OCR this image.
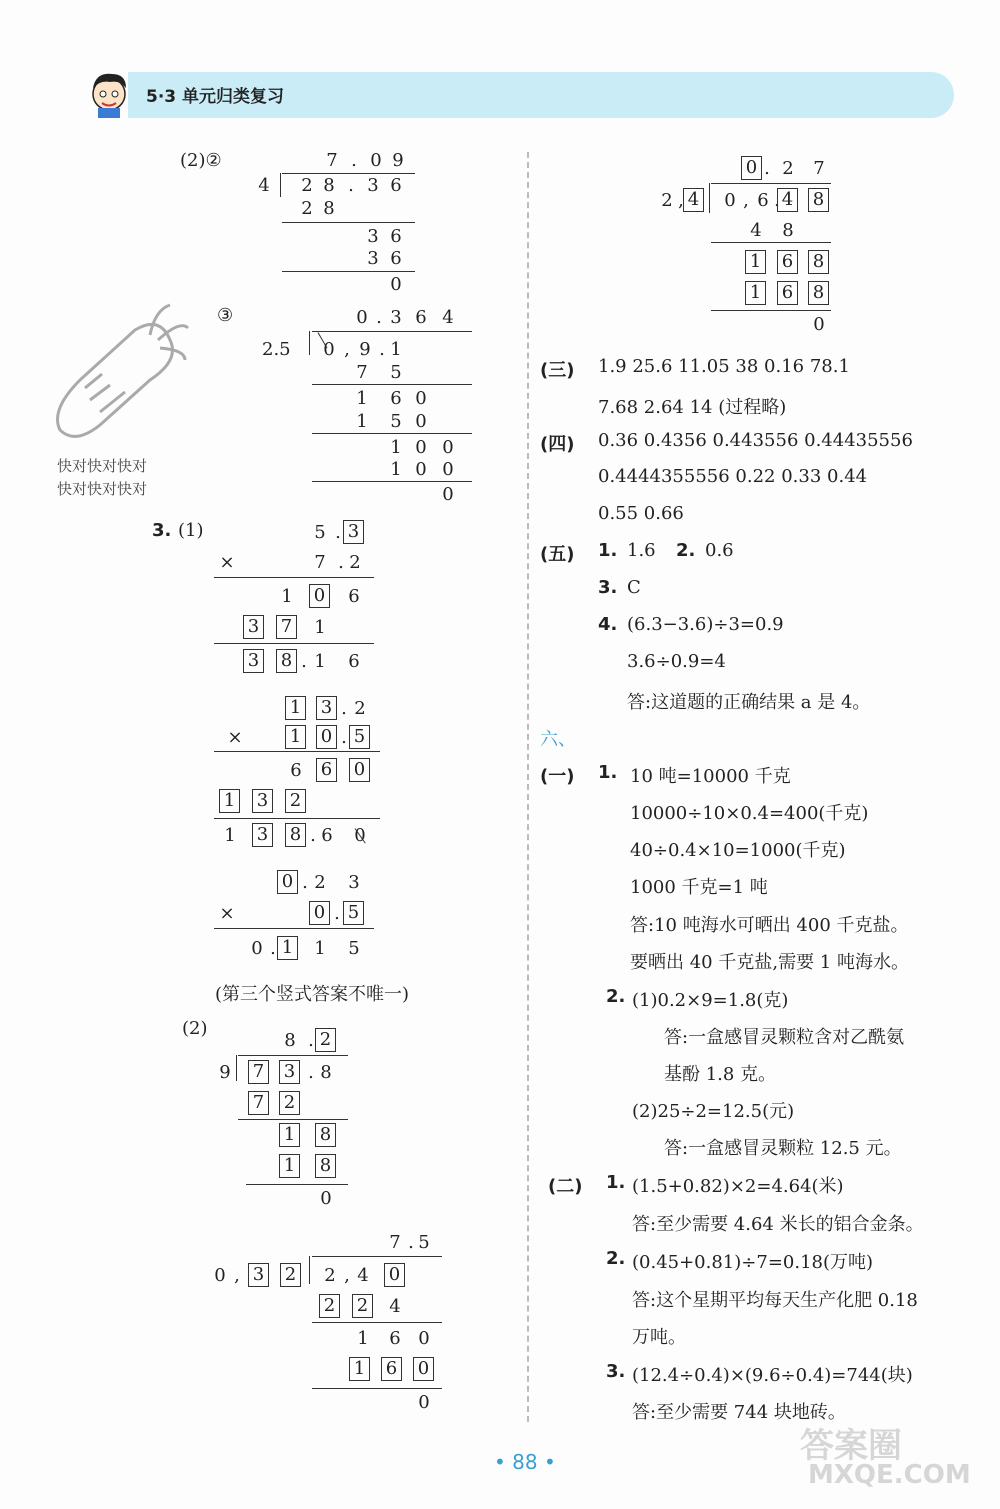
5·3 单元归类复习
快对快对快对
快对快对快对
(2)②	7 . 0 9
4 2 8 . 3 6
2 8
3 6
3 6
0
③	0 . 3 6 4
2.5 0 , 9 . 1
7 5
1 6 0
1 5 0
1 0 0
1 0 0
0
3. (1)	5 . 3
×	7 . 2
1 0 6
3 7 1
3 8 . 1 6
1 3 . 2
×	1 0 . 5
6 6 0
1 3 2
1 3 8 . 6 0
0 . 2 3
×	0 . 5
0 . 1 1 5
(第三个竖式答案不唯一)
(2)
8 . 2
9 7 3 . 8
7 2
1 8
1 8
0
7 . 5
0 , 3 2 2 , 4 0
2 2 4
1 6 0
1 6 0
0
0 . 2 7
2 , 4 0 , 6 . 4 8
4 8
1 6 8
1 6 8
0
(三) 1.9 25.6 11.05 38 0.16 78.1
7.68 2.64 14 (过程略)
(四) 0.36 0.4356 0.443556 0.44435556
0.4444355556 0.22 0.33 0.44
0.55 0.66
(五) 1. 1.6 2. 0.6
3. C
4. (6.3−3.6)÷3=0.9
3.6÷0.9=4
答:这道题的正确结果 a 是 4。
六、
(一) 1. 10 吨=10000 千克
10000÷10×0.4=400(千克)
40÷0.4×10=1000(千克)
1000 千克=1 吨
答:10 吨海水可晒出 400 千克盐。
要晒出 40 千克盐,需要 1 吨海水。
2. (1)0.2×9=1.8(克)
答:一盒感冒灵颗粒含对乙酰氨
基酚 1.8 克。
(2)25÷2=12.5(元)
答:一盒感冒灵颗粒 12.5 元。
(二) 1. (1.5+0.82)×2=4.64(米)
答:至少需要 4.64 米长的铝合金条。
2. (0.45+0.81)÷7=0.18(万吨)
答:这个星期平均每天生产化肥 0.18
万吨。
3. (12.4÷0.4)×(9.6÷0.4)=744(块)
答:至少需要 744 块地砖。
• 88 •	答案圈
MXQE.COM
